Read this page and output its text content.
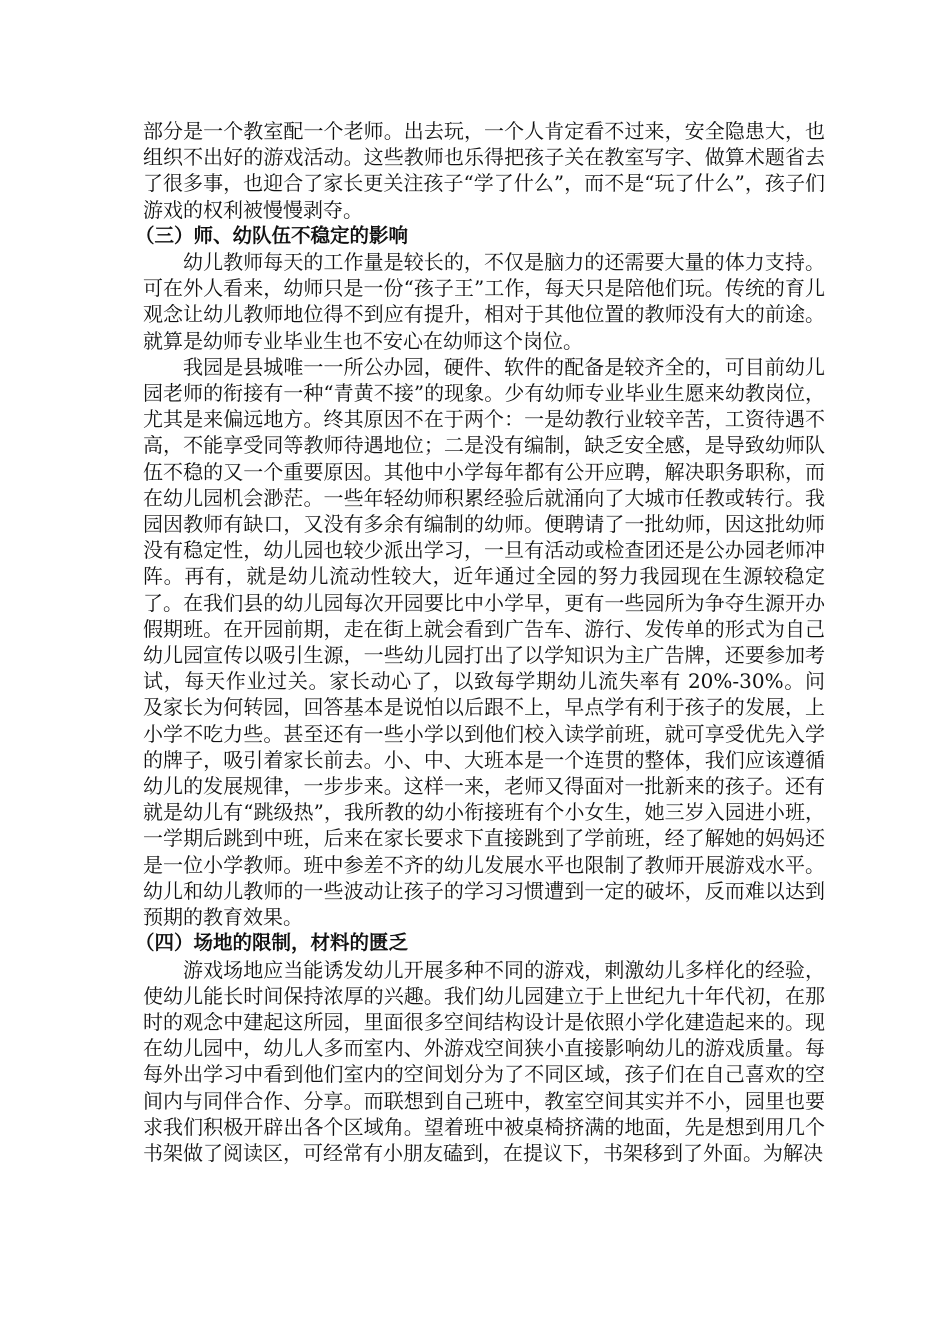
部分是一个教室配一个老师。出去玩，一个人肯定看不过来，安全隐患大，也组织不出好的游戏活动。这些教师也乐得把孩子关在教室写字、做算术题省去了很多事，也迎合了家长更关注孩子“学了什么”，而不是“玩了什么”，孩子们游戏的权利被慢慢剥夺。

（三）师、幼队伍不稳定的影响

幼儿教师每天的工作量是较长的，不仅是脑力的还需要大量的体力支持。可在外人看来，幼师只是一份“孩子王”工作，每天只是陪他们玩。传统的育儿观念让幼儿教师地位得不到应有提升，相对于其他位置的教师没有大的前途。就算是幼师专业毕业生也不安心在幼师这个岗位。

我园是县城唯一一所公办园，硬件、软件的配备是较齐全的，可目前幼儿园老师的衔接有一种“青黄不接”的现象。少有幼师专业毕业生愿来幼教岗位，尤其是来偏远地方。终其原因不在于两个：一是幼教行业较辛苦，工资待遇不高，不能享受同等教师待遇地位；二是没有编制，缺乏安全感，是导致幼师队伍不稳的又一个重要原因。其他中小学每年都有公开应聘，解决职务职称，而在幼儿园机会渺茫。一些年轻幼师积累经验后就涌向了大城市任教或转行。我园因教师有缺口，又没有多余有编制的幼师。便聘请了一批幼师，因这批幼师没有稳定性，幼儿园也较少派出学习，一旦有活动或检查团还是公办园老师冲阵。再有，就是幼儿流动性较大，近年通过全园的努力我园现在生源较稳定了。在我们县的幼儿园每次开园要比中小学早，更有一些园所为争夺生源开办假期班。在开园前期，走在街上就会看到广告车、游行、发传单的形式为自己幼儿园宣传以吸引生源，一些幼儿园打出了以学知识为主广告牌，还要参加考试，每天作业过关。家长动心了，以致每学期幼儿流失率有 20%-30%。问及家长为何转园，回答基本是说怕以后跟不上，早点学有利于孩子的发展，上小学不吃力些。甚至还有一些小学以到他们校入读学前班，就可享受优先入学的牌子，吸引着家长前去。小、中、大班本是一个连贯的整体，我们应该遵循幼儿的发展规律，一步步来。这样一来，老师又得面对一批新来的孩子。还有就是幼儿有“跳级热”，我所教的幼小衔接班有个小女生，她三岁入园进小班，一学期后跳到中班，后来在家长要求下直接跳到了学前班，经了解她的妈妈还是一位小学教师。班中参差不齐的幼儿发展水平也限制了教师开展游戏水平。幼儿和幼儿教师的一些波动让孩子的学习习惯遭到一定的破坏，反而难以达到预期的教育效果。

（四）场地的限制，材料的匮乏

游戏场地应当能诱发幼儿开展多种不同的游戏，刺激幼儿多样化的经验，使幼儿能长时间保持浓厚的兴趣。我们幼儿园建立于上世纪九十年代初，在那时的观念中建起这所园，里面很多空间结构设计是依照小学化建造起来的。现在幼儿园中，幼儿人多而室内、外游戏空间狭小直接影响幼儿的游戏质量。每每外出学习中看到他们室内的空间划分为了不同区域，孩子们在自己喜欢的空间内与同伴合作、分享。而联想到自己班中，教室空间其实并不小，园里也要求我们积极开辟出各个区域角。望着班中被桌椅挤满的地面，先是想到用几个书架做了阅读区，可经常有小朋友磕到，在提议下，书架移到了外面。为解决
